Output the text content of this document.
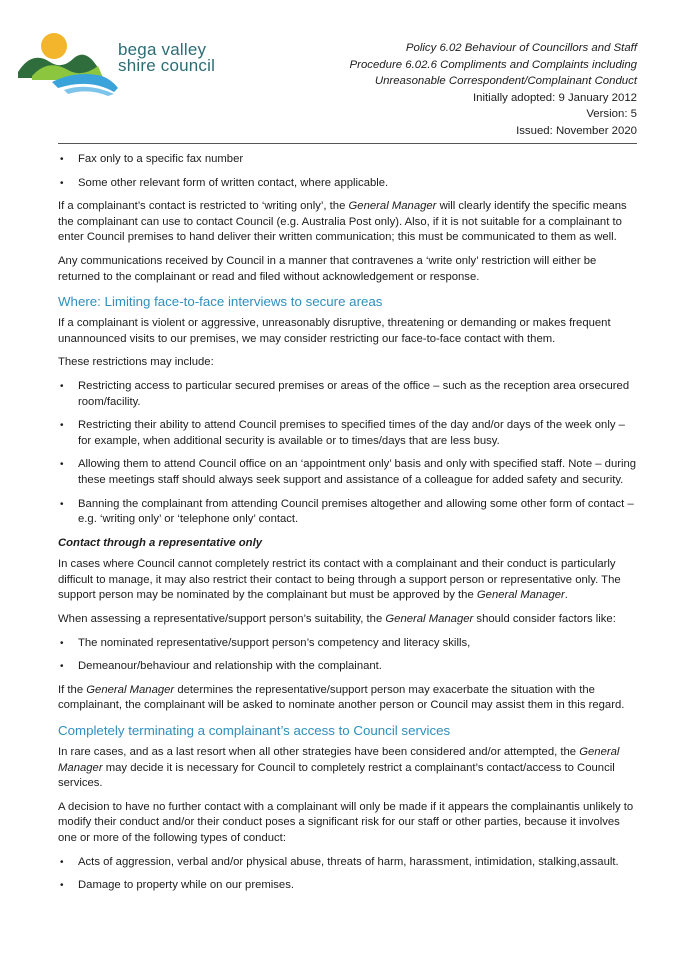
bega valley
shire council
Policy 6.02 Behaviour of Councillors and Staff
Procedure 6.02.6 Compliments and Complaints including
Unreasonable Correspondent/Complainant Conduct
Initially adopted: 9 January 2012
Version: 5
Issued: November 2020
• Fax only to a specific fax number
• Some other relevant form of written contact, where applicable.

If a complainant’s contact is restricted to ‘writing only’, the General Manager will clearly identify the specific means the complainant can use to contact Council (e.g. Australia Post only). Also, if it is not suitable for a complainant to enter Council premises to hand deliver their written communication; this must be communicated to them as well.

Any communications received by Council in a manner that contravenes a ‘write only’ restriction will either be returned to the complainant or read and filed without acknowledgement or response.

Where: Limiting face-to-face interviews to secure areas

If a complainant is violent or aggressive, unreasonably disruptive, threatening or demanding or makes frequent unannounced visits to our premises, we may consider restricting our face-to-face contact with them.

These restrictions may include:

• Restricting access to particular secured premises or areas of the office – such as the reception area orsecured room/facility.
• Restricting their ability to attend Council premises to specified times of the day and/or days of the week only – for example, when additional security is available or to times/days that are less busy.
• Allowing them to attend Council office on an ‘appointment only’ basis and only with specified staff. Note – during these meetings staff should always seek support and assistance of a colleague for added safety and security.
• Banning the complainant from attending Council premises altogether and allowing some other form of contact – e.g. ‘writing only’ or ‘telephone only’ contact.
Contact through a representative only

In cases where Council cannot completely restrict its contact with a complainant and their conduct is particularly difficult to manage, it may also restrict their contact to being through a support person or representative only. The support person may be nominated by the complainant but must be approved by the General Manager.

When assessing a representative/support person’s suitability, the General Manager should consider factors like:

• The nominated representative/support person’s competency and literacy skills,
• Demeanour/behaviour and relationship with the complainant.

If the General Manager determines the representative/support person may exacerbate the situation with the complainant, the complainant will be asked to nominate another person or Council may assist them in this regard.

Completely terminating a complainant’s access to Council services

In rare cases, and as a last resort when all other strategies have been considered and/or attempted, the General Manager may decide it is necessary for Council to completely restrict a complainant’s contact/access to Council services.

A decision to have no further contact with a complainant will only be made if it appears the complainantis unlikely to modify their conduct and/or their conduct poses a significant risk for our staff or other parties, because it involves one or more of the following types of conduct:

• Acts of aggression, verbal and/or physical abuse, threats of harm, harassment, intimidation, stalking,assault.
• Damage to property while on our premises.
